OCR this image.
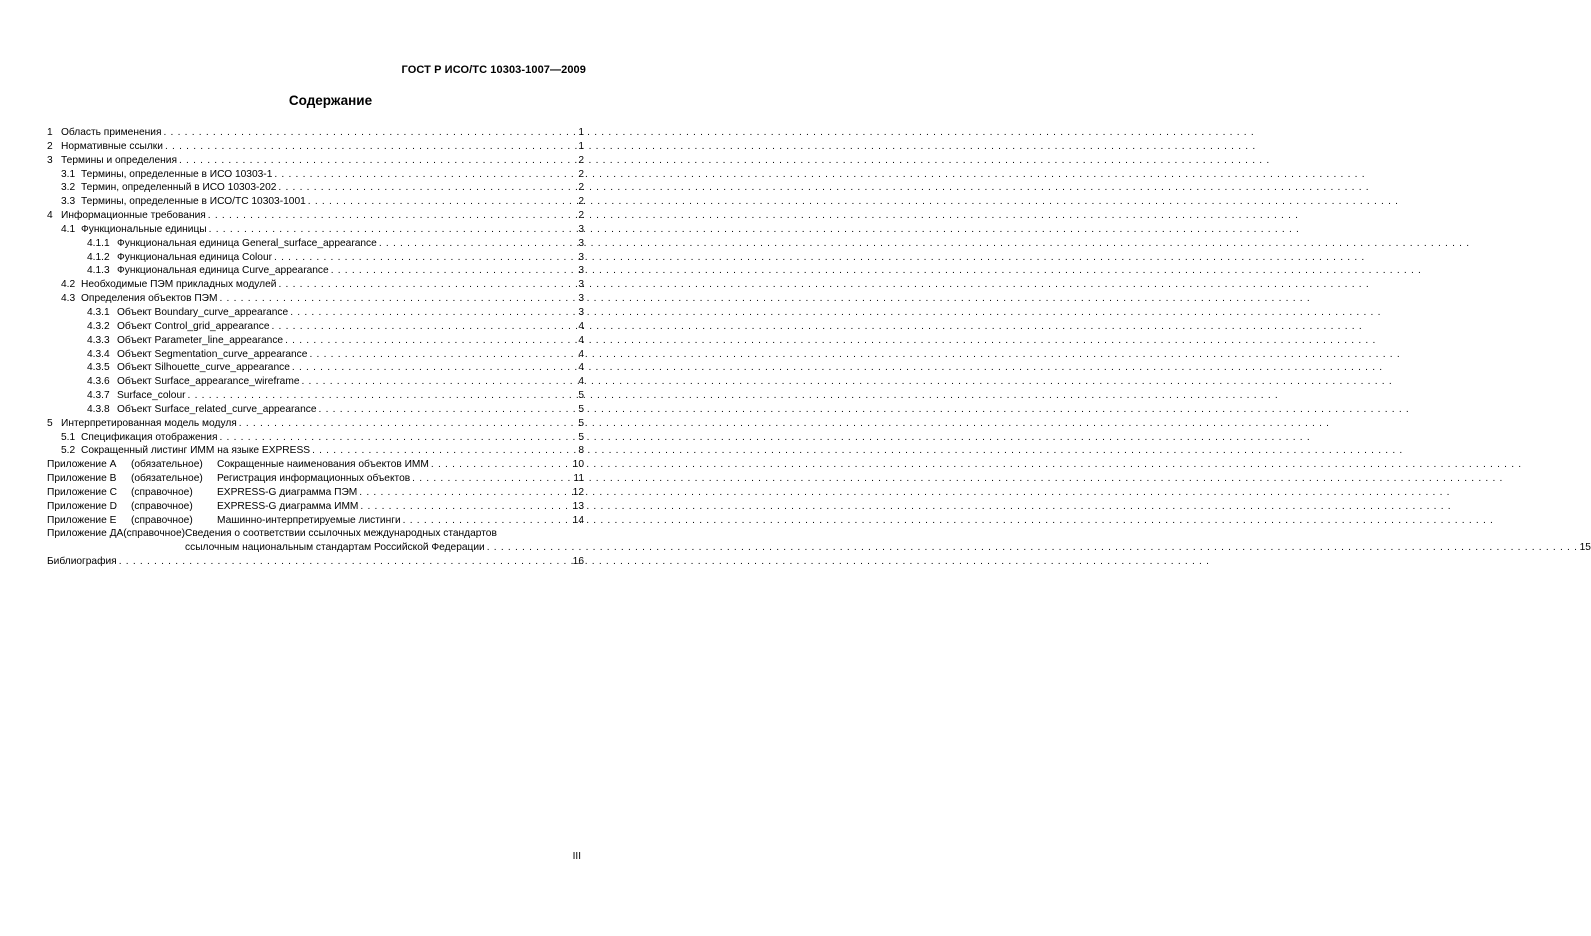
ГОСТ Р ИСО/ТС 10303-1007—2009
Содержание
1 Область применения . . .	1
2 Нормативные ссылки . . .	1
3 Термины и определения . . .	2
3.1 Термины, определенные в ИСО 10303-1 . . .	2
3.2 Термин, определенный в ИСО 10303-202 . . .	2
3.3 Термины, определенные в ИСО/ТС 10303-1001 . . .	2
4 Информационные требования . . .	2
4.1 Функциональные единицы . . .	3
4.1.1 Функциональная единица General_surface_appearance . . .	3
4.1.2 Функциональная единица Colour . . .	3
4.1.3 Функциональная единица Curve_appearance . . .	3
4.2 Необходимые ПЭМ прикладных модулей . . .	3
4.3 Определения объектов ПЭМ . . .	3
4.3.1 Объект Boundary_curve_appearance . . .	3
4.3.2 Объект Control_grid_appearance . . .	4
4.3.3 Объект Parameter_line_appearance . . .	4
4.3.4 Объект Segmentation_curve_appearance . . .	4
4.3.5 Объект Silhouette_curve_appearance . . .	4
4.3.6 Объект Surface_appearance_wireframe . . .	4
4.3.7 Surface_colour . . .	5
4.3.8 Объект Surface_related_curve_appearance . . .	5
5 Интерпретированная модель модуля . . .	5
5.1 Спецификация отображения . . .	5
5.2 Сокращенный листинг ИММ на языке EXPRESS . . .	8
Приложение А	(обязательное)	Сокращенные наименования объектов ИММ . . .	10
Приложение В	(обязательное)	Регистрация информационных объектов . . .	11
Приложение С	(справочное)	EXPRESS-G диаграмма ПЭМ . . .	12
Приложение D	(справочное)	EXPRESS-G диаграмма ИММ . . .	13
Приложение Е	(справочное)	Машинно-интерпретируемые листинги . . .	14
Приложение ДА (справочное) Сведения о соответствии ссылочных международных стандартов
ссылочным национальным стандартам Российской Федерации . . .	15
Библиография . . .	16
III
